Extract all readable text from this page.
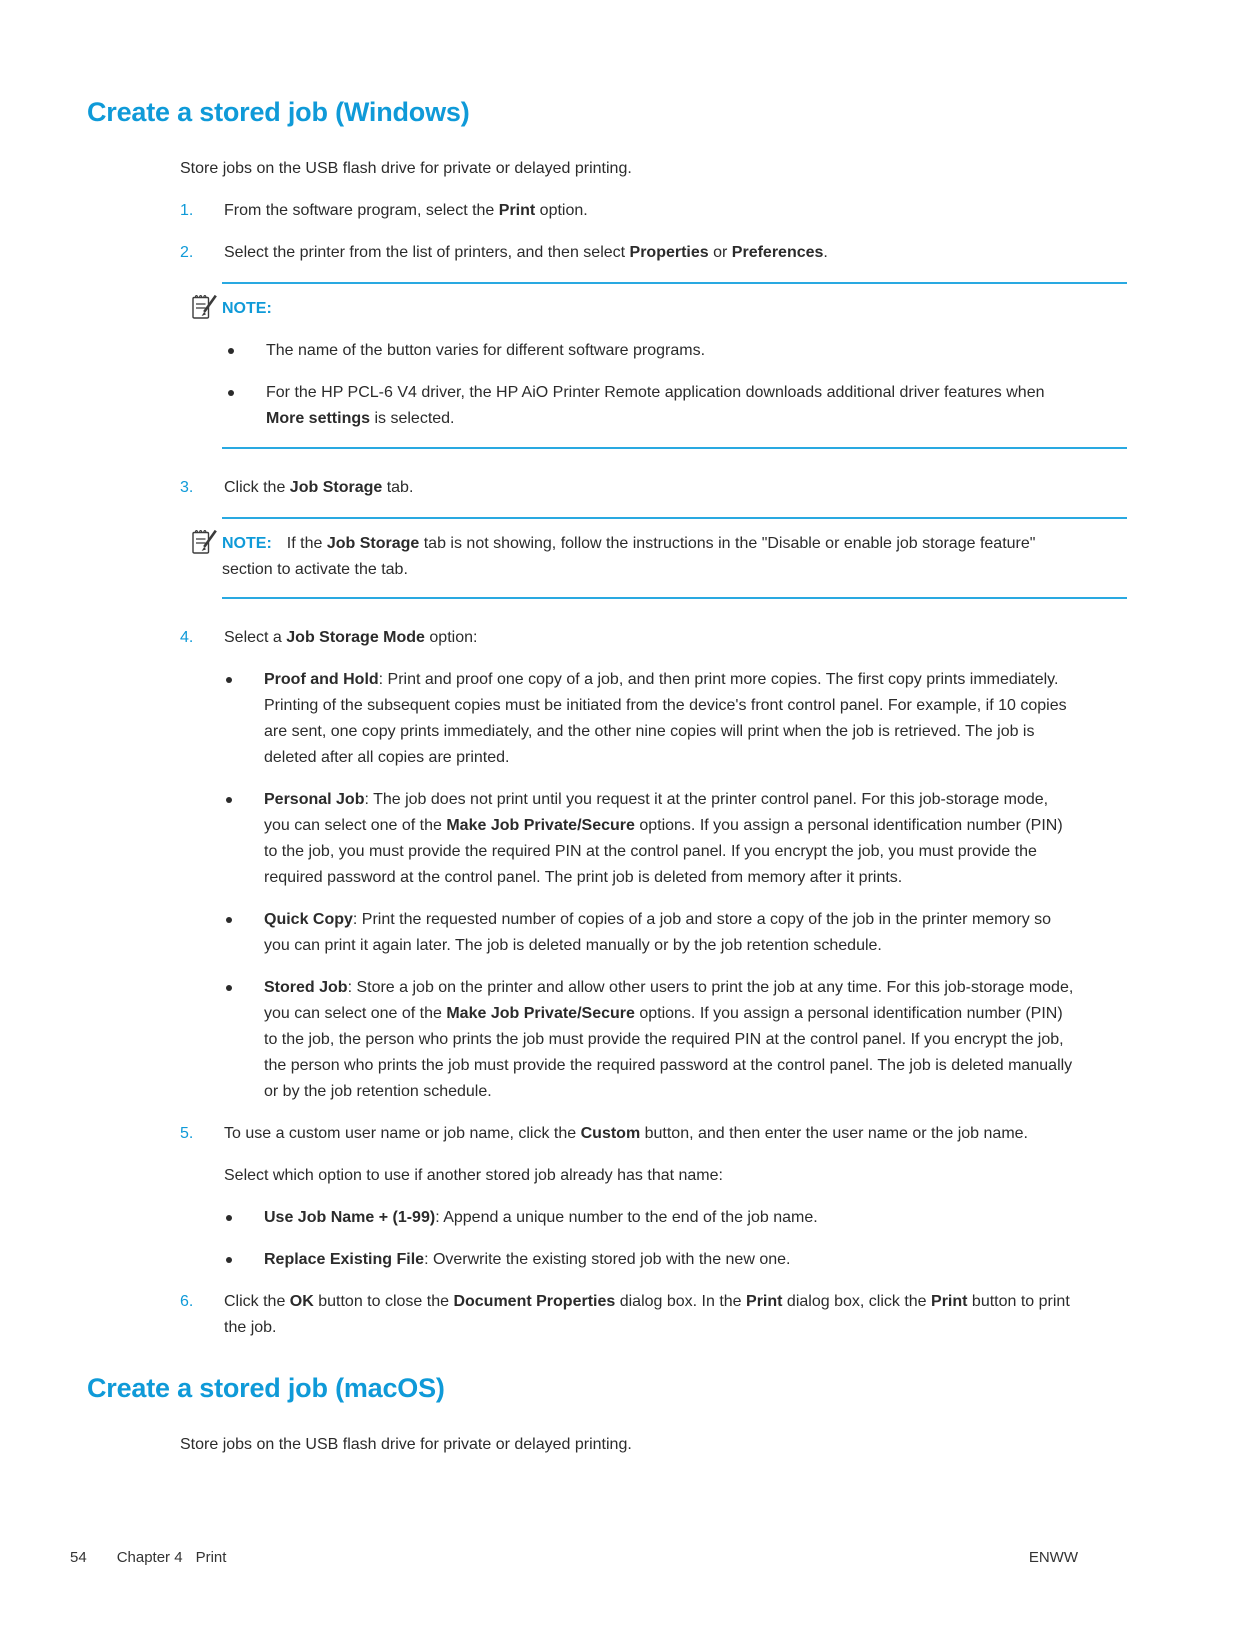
Create a stored job (Windows)
Store jobs on the USB flash drive for private or delayed printing.
1.	From the software program, select the Print option.
2.	Select the printer from the list of printers, and then select Properties or Preferences.
NOTE:
The name of the button varies for different software programs.
For the HP PCL-6 V4 driver, the HP AiO Printer Remote application downloads additional driver features when More settings is selected.
3.	Click the Job Storage tab.
NOTE: If the Job Storage tab is not showing, follow the instructions in the "Disable or enable job storage feature" section to activate the tab.
4.	Select a Job Storage Mode option:
Proof and Hold: Print and proof one copy of a job, and then print more copies. The first copy prints immediately. Printing of the subsequent copies must be initiated from the device's front control panel. For example, if 10 copies are sent, one copy prints immediately, and the other nine copies will print when the job is retrieved. The job is deleted after all copies are printed.
Personal Job: The job does not print until you request it at the printer control panel. For this job-storage mode, you can select one of the Make Job Private/Secure options. If you assign a personal identification number (PIN) to the job, you must provide the required PIN at the control panel. If you encrypt the job, you must provide the required password at the control panel. The print job is deleted from memory after it prints.
Quick Copy: Print the requested number of copies of a job and store a copy of the job in the printer memory so you can print it again later. The job is deleted manually or by the job retention schedule.
Stored Job: Store a job on the printer and allow other users to print the job at any time. For this job-storage mode, you can select one of the Make Job Private/Secure options. If you assign a personal identification number (PIN) to the job, the person who prints the job must provide the required PIN at the control panel. If you encrypt the job, the person who prints the job must provide the required password at the control panel. The job is deleted manually or by the job retention schedule.
5.	To use a custom user name or job name, click the Custom button, and then enter the user name or the job name.
Select which option to use if another stored job already has that name:
Use Job Name + (1-99): Append a unique number to the end of the job name.
Replace Existing File: Overwrite the existing stored job with the new one.
6.	Click the OK button to close the Document Properties dialog box. In the Print dialog box, click the Print button to print the job.
Create a stored job (macOS)
Store jobs on the USB flash drive for private or delayed printing.
54 Chapter 4 Print	ENWW
